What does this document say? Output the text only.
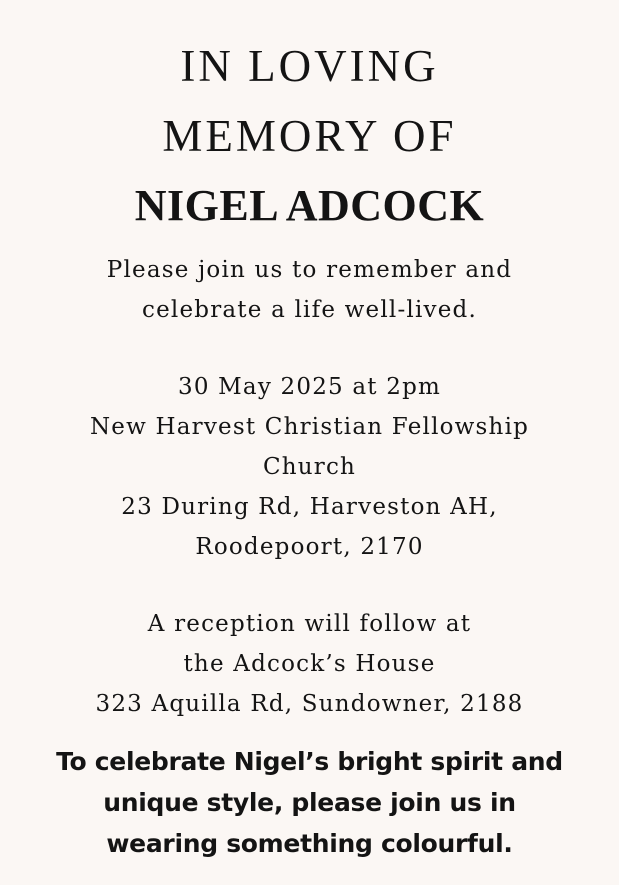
IN LOVING
MEMORY OF
NIGEL ADCOCK
Please join us to remember and
celebrate a life well-lived.
30 May 2025 at 2pm
New Harvest Christian Fellowship
Church
23 During Rd, Harveston AH,
Roodepoort, 2170
A reception will follow at
the Adcock’s House
323 Aquilla Rd, Sundowner, 2188
To celebrate Nigel’s bright spirit and
unique style, please join us in
wearing something colourful.
